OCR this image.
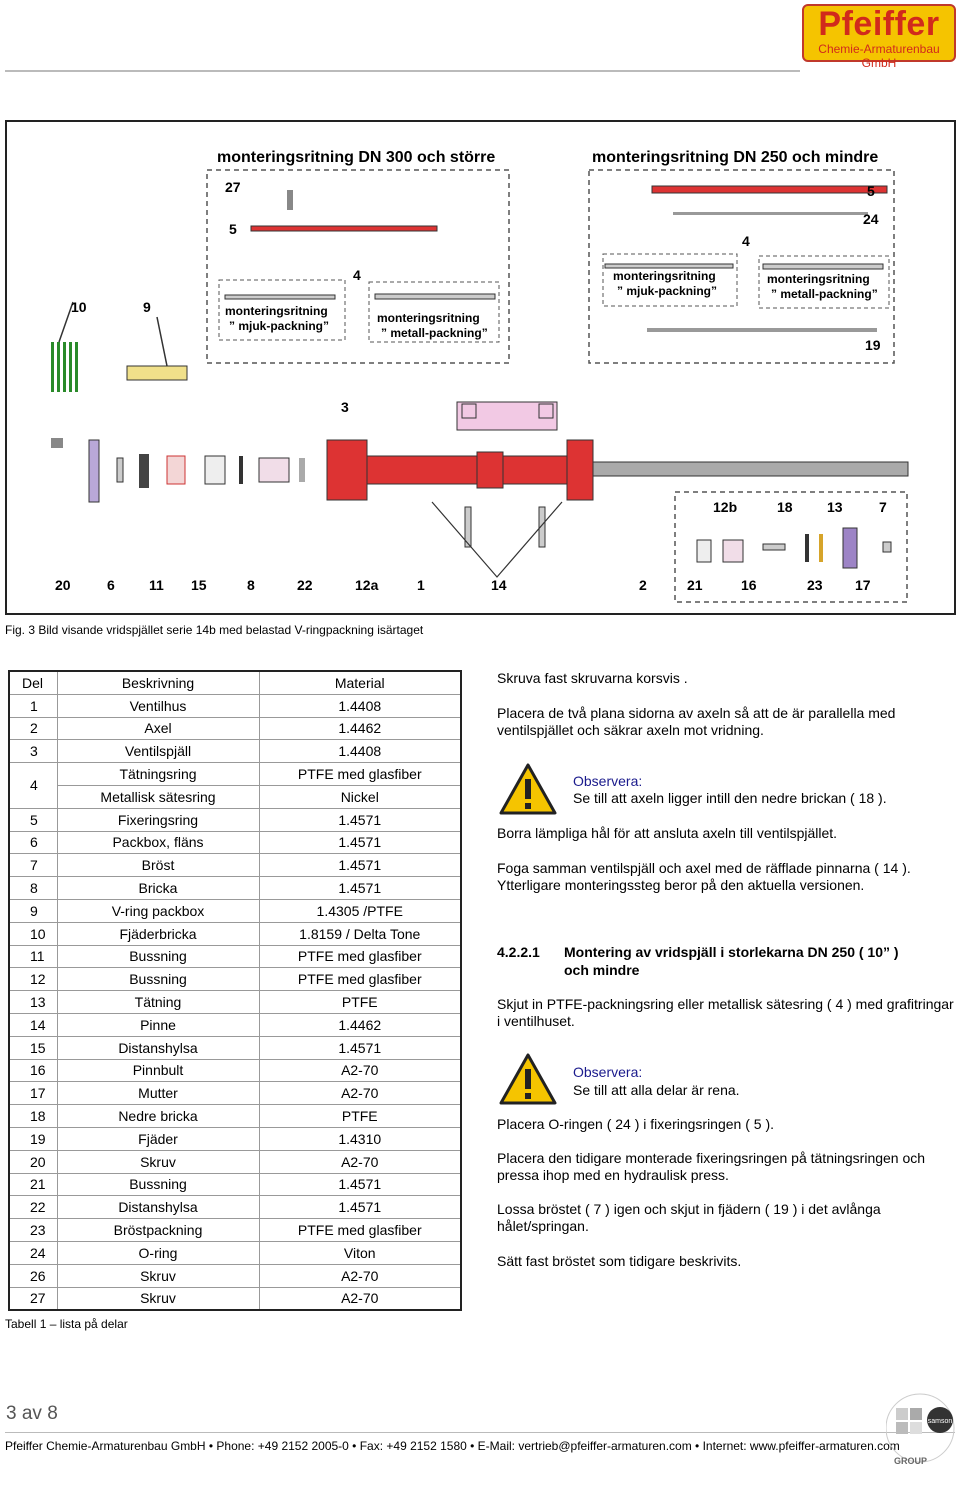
Pfeiffer
Chemie-Armaturenbau GmbH
monteringsritning DN 300 och större	monteringsritning DN 250 och mindre
monteringsritning
” mjuk-packning”
monteringsritning
” metall-packning”
monteringsritning
” mjuk-packning”
monteringsritning
” metall-packning”
27
5
4
10	9
3
5
24
4
19
12b	18 13	7
20	6 11 15	8	22	12a	1	14	2	21	16	23 17
Fig. 3 Bild visande vridspjället serie 14b med belastad V-ringpackning isärtaget
Del	Beskrivning	Material
1	Ventilhus	1.4408
2	Axel	1.4462
3	Ventilspjäll	1.4408
4	Tätningsring	PTFE med glasfiber
	Metallisk sätesring	Nickel
5	Fixeringsring	1.4571
6	Packbox, fläns	1.4571
7	Bröst	1.4571
8	Bricka	1.4571
9	V-ring packbox	1.4305 /PTFE
10	Fjäderbricka	1.8159 / Delta Tone
11	Bussning	PTFE med glasfiber
12	Bussning	PTFE med glasfiber
13	Tätning	PTFE
14	Pinne	1.4462
15	Distanshylsa	1.4571
16	Pinnbult	A2-70
17	Mutter	A2-70
18	Nedre bricka	PTFE
19	Fjäder	1.4310
20	Skruv	A2-70
21	Bussning	1.4571
22	Distanshylsa	1.4571
23	Bröstpackning	PTFE med glasfiber
24	O-ring	Viton
26	Skruv	A2-70
27	Skruv	A2-70
Tabell 1 – lista på delar
Skruva fast skruvarna korsvis .
Placera de två plana sidorna av axeln så att de är parallella med ventilspjället och säkrar axeln mot vridning.
Observera:
Se till att axeln ligger intill den nedre brickan ( 18 ).
Borra lämpliga hål för att ansluta axeln till ventilspjället.
Foga samman ventilspjäll och axel med de räfflade pinnarna ( 14 ). Ytterligare monteringssteg beror på den aktuella versionen.
4.2.2.1	Montering av vridspjäll i storlekarna DN 250 ( 10” )
och mindre
Skjut in PTFE-packningsring eller metallisk sätesring ( 4 ) med grafitringar i ventilhuset.
Observera:
Se till att alla delar är rena.
Placera O-ringen ( 24 ) i fixeringsringen ( 5 ).
Placera den tidigare monterade fixeringsringen på tätningsringen och pressa ihop med en hydraulisk press.
Lossa bröstet ( 7 ) igen och skjut in fjädern ( 19 ) i det avlånga hålet/springan.
Sätt fast bröstet som tidigare beskrivits.
3 av 8
Pfeiffer Chemie-Armaturenbau GmbH • Phone: +49 2152 2005-0 • Fax: +49 2152 1580 • E-Mail: vertrieb@pfeiffer-armaturen.com • Internet: www.pfeiffer-armaturen.com
samson
GROUP
